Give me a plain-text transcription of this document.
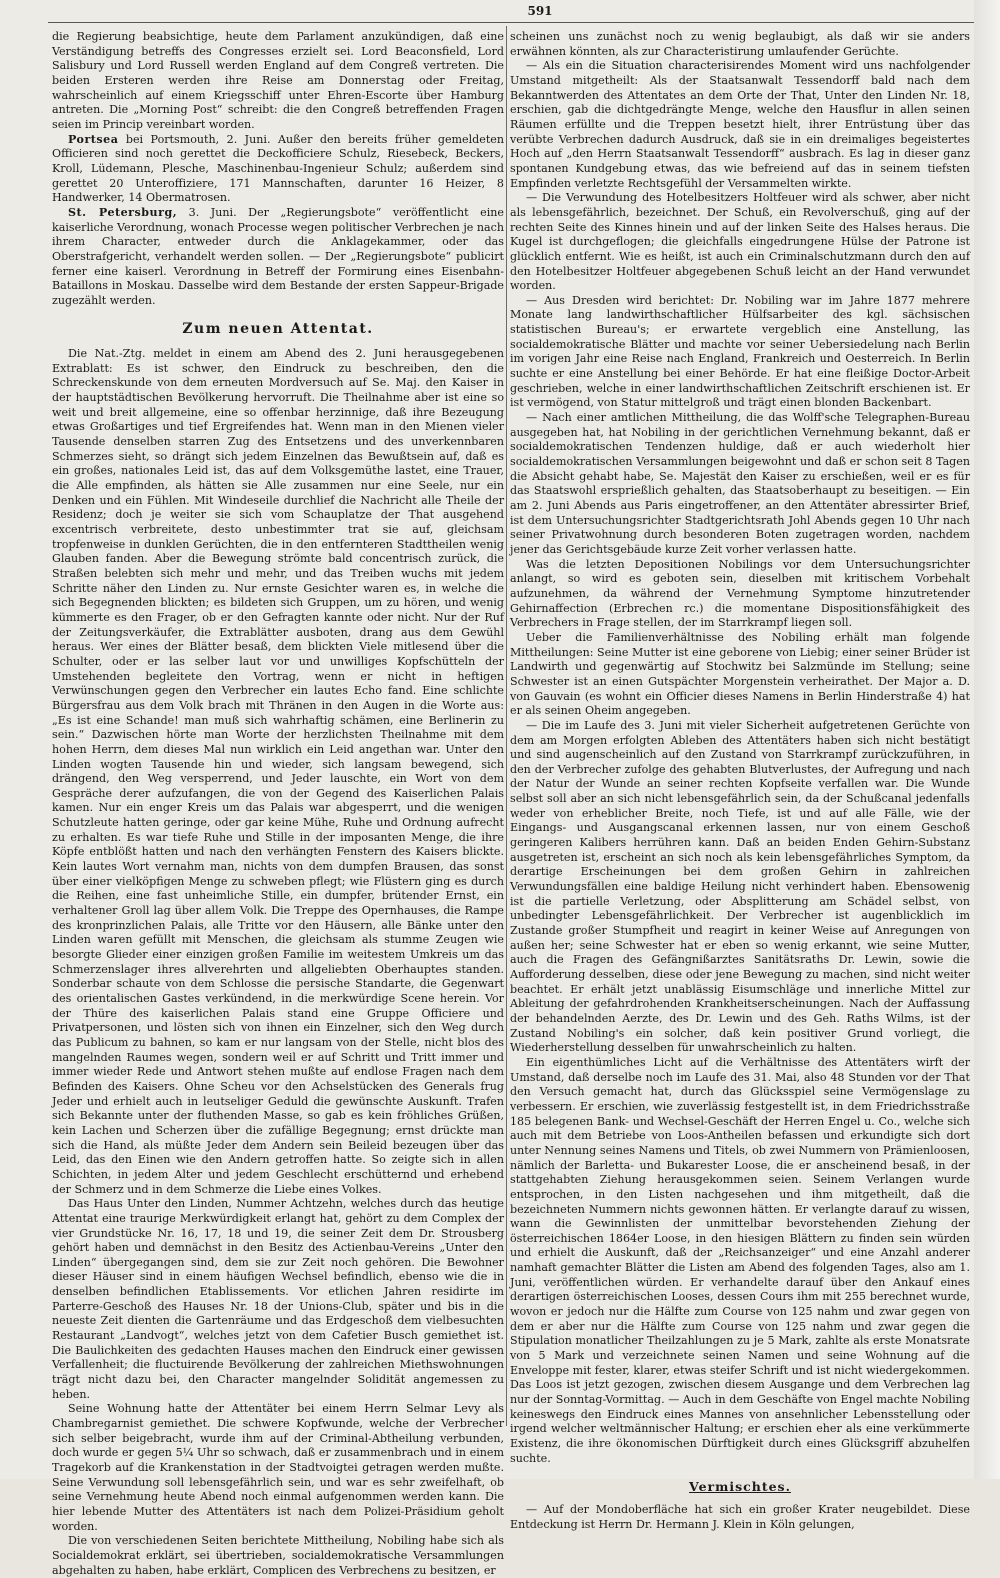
591

die Regierung beabsichtige, heute dem Parlament anzukündigen, daß eine Verständigung betreffs des Congresses erzielt sei. Lord Beaconsfield, Lord Salisbury und Lord Russell werden England auf dem Congreß vertreten. Die beiden Ersteren werden ihre Reise am Donnerstag oder Freitag, wahrscheinlich auf einem Kriegsschiff unter Ehren-Escorte über Hamburg antreten. Die „Morning Post“ schreibt: die den Congreß betreffenden Fragen seien im Princip vereinbart worden.

Portsea bei Portsmouth, 2. Juni. Außer den bereits früher gemeldeten Officieren sind noch gerettet die Deckofficiere Schulz, Riesebeck, Beckers, Kroll, Lüdemann, Plesche, Maschinenbau-Ingenieur Schulz; außerdem sind gerettet 20 Unteroffiziere, 171 Mannschaften, darunter 16 Heizer, 8 Handwerker, 14 Obermatrosen.

St. Petersburg, 3. Juni. Der „Regierungsbote“ veröffentlicht eine kaiserliche Verordnung, wonach Processe wegen politischer Verbrechen je nach ihrem Character, entweder durch die Anklagekammer, oder das Oberstrafgericht, verhandelt werden sollen. — Der „Regierungsbote“ publicirt ferner eine kaiserl. Verordnung in Betreff der Formirung eines Eisenbahn-Bataillons in Moskau. Dasselbe wird dem Bestande der ersten Sappeur-Brigade zugezählt werden.

Zum neuen Attentat.

Die Nat.-Ztg. meldet in einem am Abend des 2. Juni herausgegebenen Extrablatt: Es ist schwer, den Eindruck zu beschreiben, den die Schreckenskunde von dem erneuten Mordversuch auf Se. Maj. den Kaiser in der hauptstädtischen Bevölkerung hervorruft. Die Theilnahme aber ist eine so weit und breit allgemeine, eine so offenbar herzinnige, daß ihre Bezeugung etwas Großartiges und tief Ergreifendes hat. Wenn man in den Mienen vieler Tausende denselben starren Zug des Entsetzens und des unverkennbaren Schmerzes sieht, so drängt sich jedem Einzelnen das Bewußtsein auf, daß es ein großes, nationales Leid ist, das auf dem Volksgemüthe lastet, eine Trauer, die Alle empfinden, als hätten sie Alle zusammen nur eine Seele, nur ein Denken und ein Fühlen. Mit Windeseile durchlief die Nachricht alle Theile der Residenz; doch je weiter sie sich vom Schauplatze der That ausgehend excentrisch verbreitete, desto unbestimmter trat sie auf, gleichsam tropfenweise in dunklen Gerüchten, die in den entfernteren Stadttheilen wenig Glauben fanden. Aber die Bewegung strömte bald concentrisch zurück, die Straßen belebten sich mehr und mehr, und das Treiben wuchs mit jedem Schritte näher den Linden zu. Nur ernste Gesichter waren es, in welche die sich Begegnenden blickten; es bildeten sich Gruppen, um zu hören, und wenig kümmerte es den Frager, ob er den Gefragten kannte oder nicht. Nur der Ruf der Zeitungsverkäufer, die Extrablätter ausboten, drang aus dem Gewühl heraus. Wer eines der Blätter besaß, dem blickten Viele mitlesend über die Schulter, oder er las selber laut vor und unwilliges Kopfschütteln der Umstehenden begleitete den Vortrag, wenn er nicht in heftigen Verwünschungen gegen den Verbrecher ein lautes Echo fand. Eine schlichte Bürgersfrau aus dem Volk brach mit Thränen in den Augen in die Worte aus: „Es ist eine Schande! man muß sich wahrhaftig schämen, eine Berlinerin zu sein.“ Dazwischen hörte man Worte der herzlichsten Theilnahme mit dem hohen Herrn, dem dieses Mal nun wirklich ein Leid angethan war. Unter den Linden wogten Tausende hin und wieder, sich langsam bewegend, sich drängend, den Weg versperrend, und Jeder lauschte, ein Wort von dem Gespräche derer aufzufangen, die von der Gegend des Kaiserlichen Palais kamen. Nur ein enger Kreis um das Palais war abgesperrt, und die wenigen Schutzleute hatten geringe, oder gar keine Mühe, Ruhe und Ordnung aufrecht zu erhalten. Es war tiefe Ruhe und Stille in der imposanten Menge, die ihre Köpfe entblößt hatten und nach den verhängten Fenstern des Kaisers blickte. Kein lautes Wort vernahm man, nichts von dem dumpfen Brausen, das sonst über einer vielköpfigen Menge zu schweben pflegt; wie Flüstern ging es durch die Reihen, eine fast unheimliche Stille, ein dumpfer, brütender Ernst, ein verhaltener Groll lag über allem Volk. Die Treppe des Opernhauses, die Rampe des kronprinzlichen Palais, alle Tritte vor den Häusern, alle Bänke unter den Linden waren gefüllt mit Menschen, die gleichsam als stumme Zeugen wie besorgte Glieder einer einzigen großen Familie im weitestem Umkreis um das Schmerzenslager ihres allverehrten und allgeliebten Oberhauptes standen. Sonderbar schaute von dem Schlosse die persische Standarte, die Gegenwart des orientalischen Gastes verkündend, in die merkwürdige Scene herein. Vor der Thüre des kaiserlichen Palais stand eine Gruppe Officiere und Privatpersonen, und lösten sich von ihnen ein Einzelner, sich den Weg durch das Publicum zu bahnen, so kam er nur langsam von der Stelle, nicht blos des mangelnden Raumes wegen, sondern weil er auf Schritt und Tritt immer und immer wieder Rede und Antwort stehen mußte auf endlose Fragen nach dem Befinden des Kaisers. Ohne Scheu vor den Achselstücken des Generals frug Jeder und erhielt auch in leutseliger Geduld die gewünschte Auskunft. Trafen sich Bekannte unter der fluthenden Masse, so gab es kein fröhliches Grüßen, kein Lachen und Scherzen über die zufällige Begegnung; ernst drückte man sich die Hand, als müßte Jeder dem Andern sein Beileid bezeugen über das Leid, das den Einen wie den Andern getroffen hatte. So zeigte sich in allen Schichten, in jedem Alter und jedem Geschlecht erschütternd und erhebend der Schmerz und in dem Schmerze die Liebe eines Volkes.

Das Haus Unter den Linden, Nummer Achtzehn, welches durch das heutige Attentat eine traurige Merkwürdigkeit erlangt hat, gehört zu dem Complex der vier Grundstücke Nr. 16, 17, 18 und 19, die seiner Zeit dem Dr. Strousberg gehört haben und demnächst in den Besitz des Actienbau-Vereins „Unter den Linden“ übergegangen sind, dem sie zur Zeit noch gehören. Die Bewohner dieser Häuser sind in einem häufigen Wechsel befindlich, ebenso wie die in denselben befindlichen Etablissements. Vor etlichen Jahren residirte im Parterre-Geschoß des Hauses Nr. 18 der Unions-Club, später und bis in die neueste Zeit dienten die Gartenräume und das Erdgeschoß dem vielbesuchten Restaurant „Landvogt“, welches jetzt von dem Cafetier Busch gemiethet ist. Die Baulichkeiten des gedachten Hauses machen den Eindruck einer gewissen Verfallenheit; die fluctuirende Bevölkerung der zahlreichen Miethswohnungen trägt nicht dazu bei, den Character mangelnder Solidität angemessen zu heben.

Seine Wohnung hatte der Attentäter bei einem Herrn Selmar Levy als Chambregarnist gemiethet. Die schwere Kopfwunde, welche der Verbrecher sich selber beigebracht, wurde ihm auf der Criminal-Abtheilung verbunden, doch wurde er gegen 5¼ Uhr so schwach, daß er zusammenbrach und in einem Tragekorb auf die Krankenstation in der Stadtvoigtei getragen werden mußte. Seine Verwundung soll lebensgefährlich sein, und war es sehr zweifelhaft, ob seine Vernehmung heute Abend noch einmal aufgenommen werden kann. Die hier lebende Mutter des Attentäters ist nach dem Polizei-Präsidium geholt worden.

Die von verschiedenen Seiten berichtete Mittheilung, Nobiling habe sich als Socialdemokrat erklärt, sei übertrieben, socialdemokratische Versammlungen abgehalten zu haben, habe erklärt, Complicen des Verbrechens zu besitzen, er

scheinen uns zunächst noch zu wenig beglaubigt, als daß wir sie anders erwähnen könnten, als zur Characteristirung umlaufender Gerüchte.

— Als ein die Situation characterisirendes Moment wird uns nachfolgender Umstand mitgetheilt: Als der Staatsanwalt Tessendorff bald nach dem Bekanntwerden des Attentates an dem Orte der That, Unter den Linden Nr. 18, erschien, gab die dichtgedrängte Menge, welche den Hausflur in allen seinen Räumen erfüllte und die Treppen besetzt hielt, ihrer Entrüstung über das verübte Verbrechen dadurch Ausdruck, daß sie in ein dreimaliges begeistertes Hoch auf „den Herrn Staatsanwalt Tessendorff“ ausbrach. Es lag in dieser ganz spontanen Kundgebung etwas, das wie befreiend auf das in seinem tiefsten Empfinden verletzte Rechtsgefühl der Versammelten wirkte.

— Die Verwundung des Hotelbesitzers Holtfeuer wird als schwer, aber nicht als lebensgefährlich, bezeichnet. Der Schuß, ein Revolverschuß, ging auf der rechten Seite des Kinnes hinein und auf der linken Seite des Halses heraus. Die Kugel ist durchgeflogen; die gleichfalls eingedrungene Hülse der Patrone ist glücklich entfernt. Wie es heißt, ist auch ein Criminalschutzmann durch den auf den Hotelbesitzer Holtfeuer abgegebenen Schuß leicht an der Hand verwundet worden.

— Aus Dresden wird berichtet: Dr. Nobiling war im Jahre 1877 mehrere Monate lang landwirthschaftlicher Hülfsarbeiter des kgl. sächsischen statistischen Bureau's; er erwartete vergeblich eine Anstellung, las socialdemokratische Blätter und machte vor seiner Uebersiedelung nach Berlin im vorigen Jahr eine Reise nach England, Frankreich und Oesterreich. In Berlin suchte er eine Anstellung bei einer Behörde. Er hat eine fleißige Doctor-Arbeit geschrieben, welche in einer landwirthschaftlichen Zeitschrift erschienen ist. Er ist vermögend, von Statur mittelgroß und trägt einen blonden Backenbart.

— Nach einer amtlichen Mittheilung, die das Wolff'sche Telegraphen-Bureau ausgegeben hat, hat Nobiling in der gerichtlichen Vernehmung bekannt, daß er socialdemokratischen Tendenzen huldige, daß er auch wiederholt hier socialdemokratischen Versammlungen beigewohnt und daß er schon seit 8 Tagen die Absicht gehabt habe, Se. Majestät den Kaiser zu erschießen, weil er es für das Staatswohl ersprießlich gehalten, das Staatsoberhaupt zu beseitigen. — Ein am 2. Juni Abends aus Paris eingetroffener, an den Attentäter abressirter Brief, ist dem Untersuchungsrichter Stadtgerichtsrath Johl Abends gegen 10 Uhr nach seiner Privatwohnung durch besonderen Boten zugetragen worden, nachdem jener das Gerichtsgebäude kurze Zeit vorher verlassen hatte.

Was die letzten Depositionen Nobilings vor dem Untersuchungsrichter anlangt, so wird es geboten sein, dieselben mit kritischem Vorbehalt aufzunehmen, da während der Vernehmung Symptome hinzutretender Gehirnaffection (Erbrechen rc.) die momentane Dispositionsfähigkeit des Verbrechers in Frage stellen, der im Starrkrampf liegen soll.

Ueber die Familienverhältnisse des Nobiling erhält man folgende Mittheilungen: Seine Mutter ist eine geborene von Liebig; einer seiner Brüder ist Landwirth und gegenwärtig auf Stochwitz bei Salzmünde im Stellung; seine Schwester ist an einen Gutspächter Morgenstein verheirathet. Der Major a. D. von Gauvain (es wohnt ein Officier dieses Namens in Berlin Hinderstraße 4) hat er als seinen Oheim angegeben.

— Die im Laufe des 3. Juni mit vieler Sicherheit aufgetretenen Gerüchte von dem am Morgen erfolgten Ableben des Attentäters haben sich nicht bestätigt und sind augenscheinlich auf den Zustand von Starrkrampf zurückzuführen, in den der Verbrecher zufolge des gehabten Blutverlustes, der Aufregung und nach der Natur der Wunde an seiner rechten Kopfseite verfallen war. Die Wunde selbst soll aber an sich nicht lebensgefährlich sein, da der Schußcanal jedenfalls weder von erheblicher Breite, noch Tiefe, ist und auf alle Fälle, wie der Eingangs- und Ausgangscanal erkennen lassen, nur von einem Geschoß geringeren Kalibers herrühren kann. Daß an beiden Enden Gehirn-Substanz ausgetreten ist, erscheint an sich noch als kein lebensgefährliches Symptom, da derartige Erscheinungen bei dem großen Gehirn in zahlreichen Verwundungsfällen eine baldige Heilung nicht verhindert haben. Ebensowenig ist die partielle Verletzung, oder Absplitterung am Schädel selbst, von unbedingter Lebensgefährlichkeit. Der Verbrecher ist augenblicklich im Zustande großer Stumpfheit und reagirt in keiner Weise auf Anregungen von außen her; seine Schwester hat er eben so wenig erkannt, wie seine Mutter, auch die Fragen des Gefängnißarztes Sanitätsraths Dr. Lewin, sowie die Aufforderung desselben, diese oder jene Bewegung zu machen, sind nicht weiter beachtet. Er erhält jetzt unablässig Eisumschläge und innerliche Mittel zur Ableitung der gefahrdrohenden Krankheitserscheinungen. Nach der Auffassung der behandelnden Aerzte, des Dr. Lewin und des Geh. Raths Wilms, ist der Zustand Nobiling's ein solcher, daß kein positiver Grund vorliegt, die Wiederherstellung desselben für unwahrscheinlich zu halten.

Ein eigenthümliches Licht auf die Verhältnisse des Attentäters wirft der Umstand, daß derselbe noch im Laufe des 31. Mai, also 48 Stunden vor der That den Versuch gemacht hat, durch das Glücksspiel seine Vermögenslage zu verbessern. Er erschien, wie zuverlässig festgestellt ist, in dem Friedrichsstraße 185 belegenen Bank- und Wechsel-Geschäft der Herren Engel u. Co., welche sich auch mit dem Betriebe von Loos-Antheilen befassen und erkundigte sich dort unter Nennung seines Namens und Titels, ob zwei Nummern von Prämienloosen, nämlich der Barletta- und Bukarester Loose, die er anscheinend besaß, in der stattgehabten Ziehung herausgekommen seien. Seinem Verlangen wurde entsprochen, in den Listen nachgesehen und ihm mitgetheilt, daß die bezeichneten Nummern nichts gewonnen hätten. Er verlangte darauf zu wissen, wann die Gewinnlisten der unmittelbar bevorstehenden Ziehung der österreichischen 1864er Loose, in den hiesigen Blättern zu finden sein würden und erhielt die Auskunft, daß der „Reichsanzeiger“ und eine Anzahl anderer namhaft gemachter Blätter die Listen am Abend des folgenden Tages, also am 1. Juni, veröffentlichen würden. Er verhandelte darauf über den Ankauf eines derartigen österreichischen Looses, dessen Cours ihm mit 255 berechnet wurde, wovon er jedoch nur die Hälfte zum Course von 125 nahm und zwar gegen von dem er aber nur die Hälfte zum Course von 125 nahm und zwar gegen die Stipulation monatlicher Theilzahlungen zu je 5 Mark, zahlte als erste Monatsrate von 5 Mark und verzeichnete seinen Namen und seine Wohnung auf die Enveloppe mit fester, klarer, etwas steifer Schrift und ist nicht wiedergekommen. Das Loos ist jetzt gezogen, zwischen diesem Ausgange und dem Verbrechen lag nur der Sonntag-Vormittag. — Auch in dem Geschäfte von Engel machte Nobiling keineswegs den Eindruck eines Mannes von ansehnlicher Lebensstellung oder irgend welcher weltmännischer Haltung; er erschien eher als eine verkümmerte Existenz, die ihre ökonomischen Dürftigkeit durch eines Glücksgriff abzuhelfen suchte.

Vermischtes.

— Auf der Mondoberfläche hat sich ein großer Krater neugebildet. Diese Entdeckung ist Herrn Dr. Hermann J. Klein in Köln gelungen,
